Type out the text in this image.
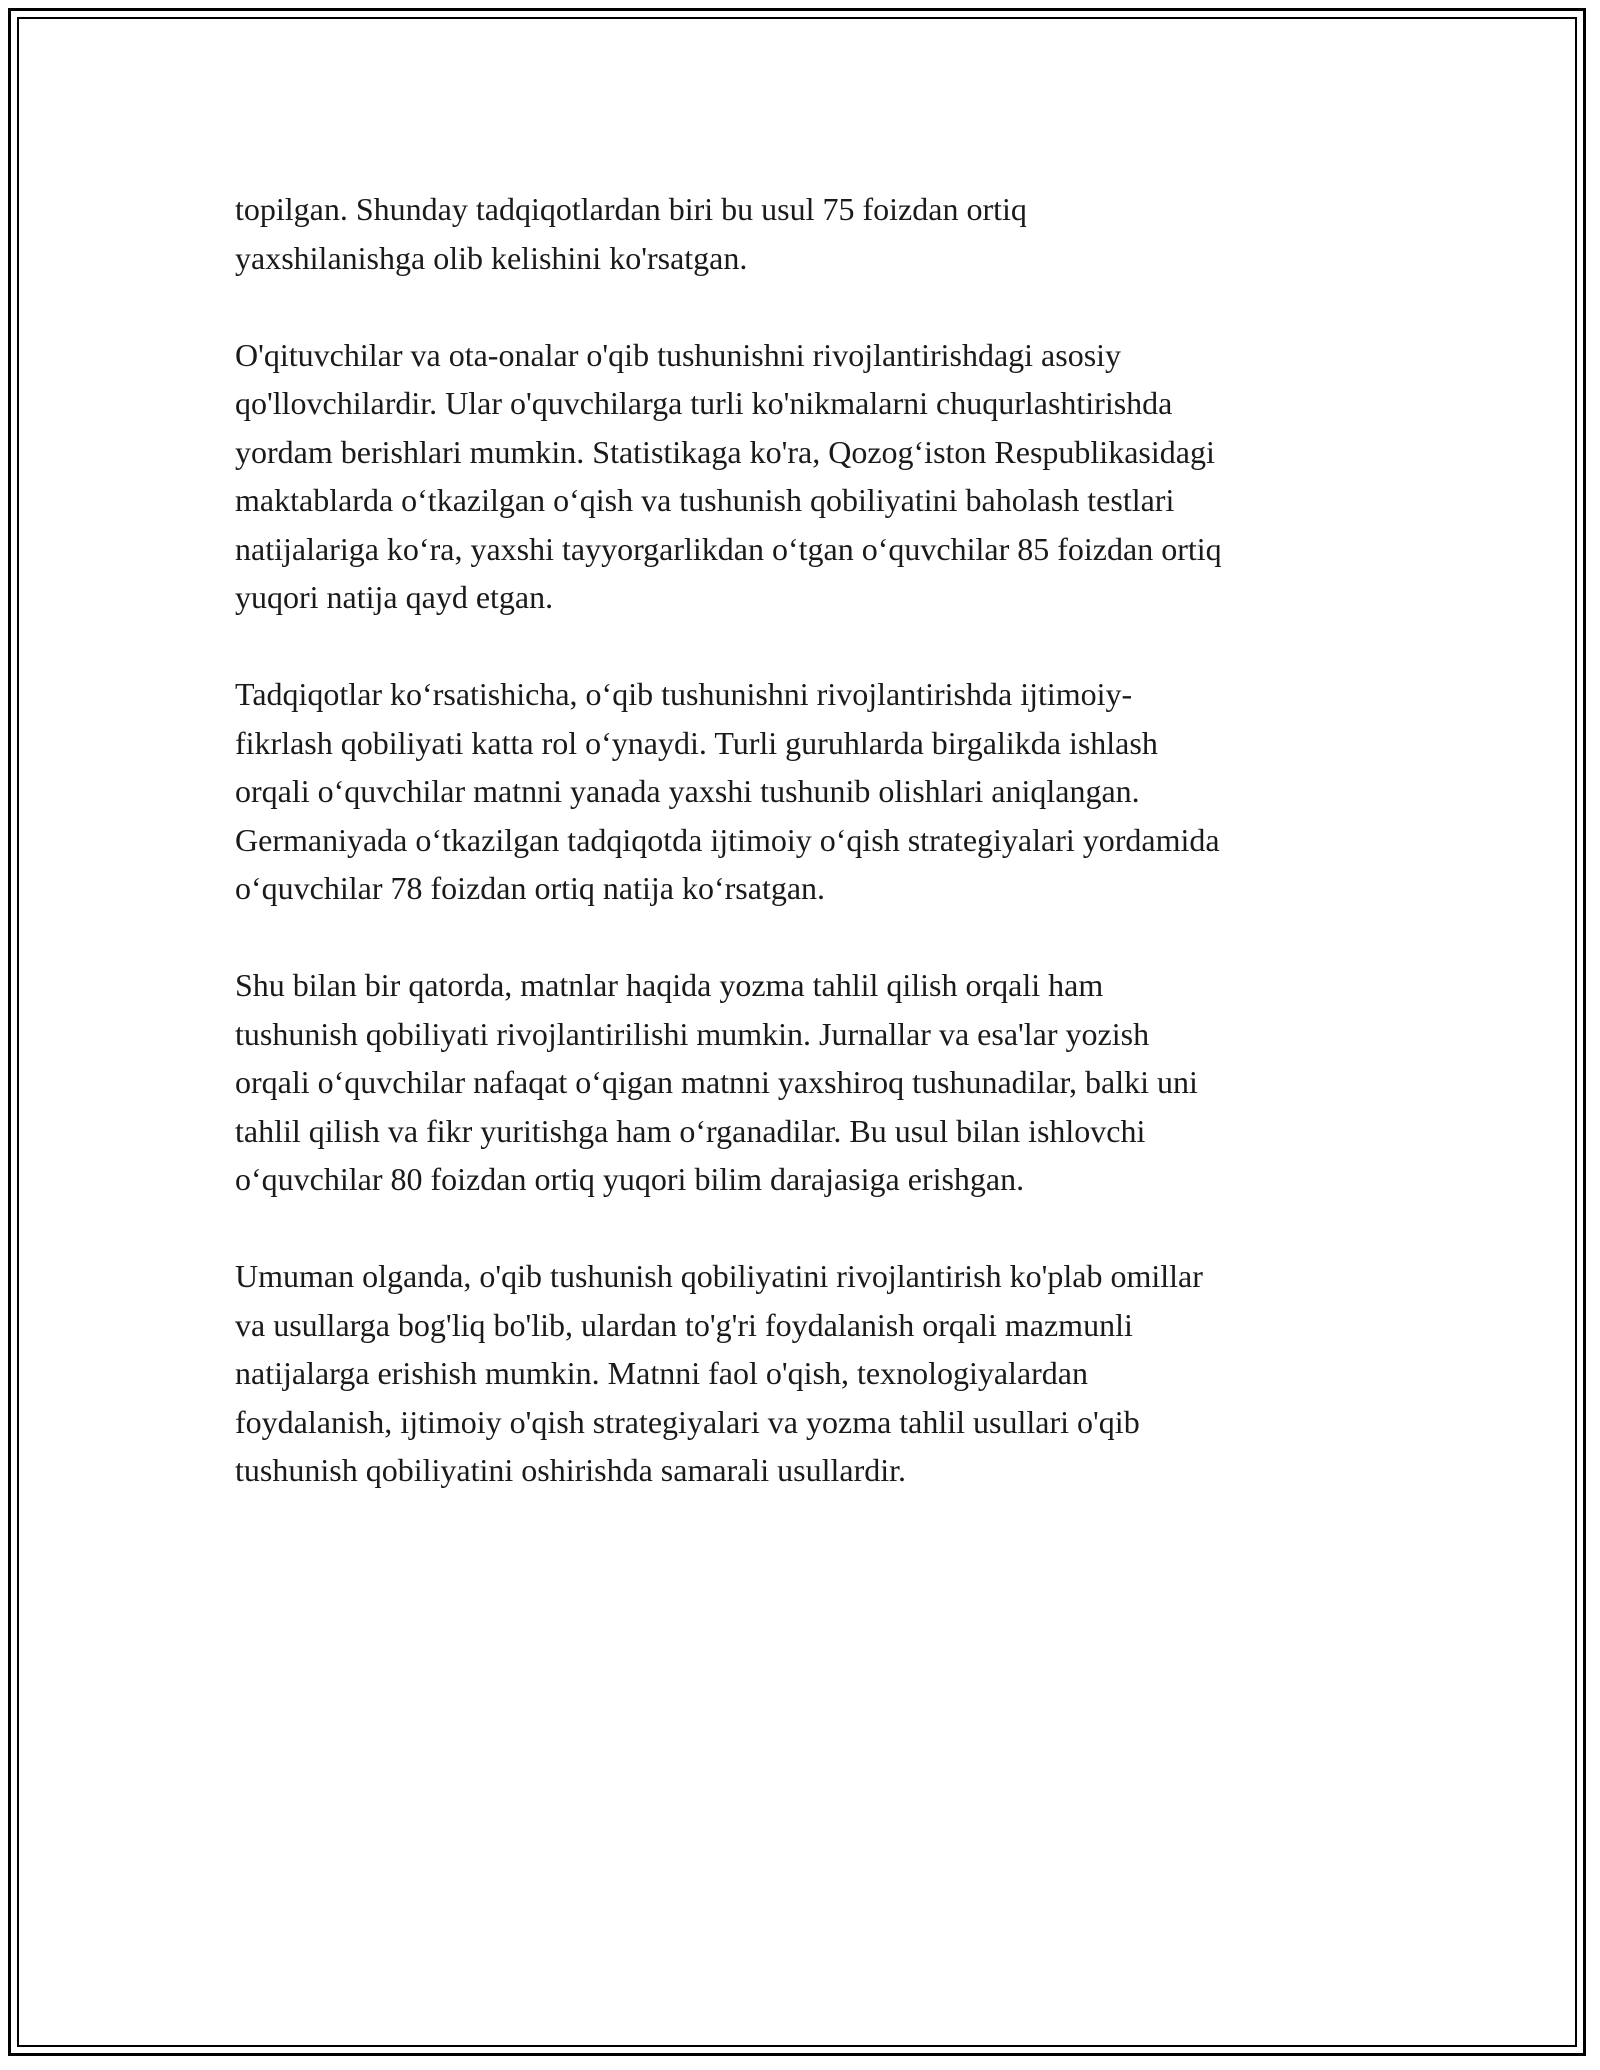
topilgan. Shunday tadqiqotlardan biri bu usul 75 foizdan ortiq
yaxshilanishga olib kelishini ko'rsatgan.

O'qituvchilar va ota-onalar o'qib tushunishni rivojlantirishdagi asosiy
qo'llovchilardir. Ular o'quvchilarga turli ko'nikmalarni chuqurlashtirishda
yordam berishlari mumkin. Statistikaga ko'ra, Qozog‘iston Respublikasidagi
maktablarda o‘tkazilgan o‘qish va tushunish qobiliyatini baholash testlari
natijalariga ko‘ra, yaxshi tayyorgarlikdan o‘tgan o‘quvchilar 85 foizdan ortiq
yuqori natija qayd etgan.

Tadqiqotlar ko‘rsatishicha, o‘qib tushunishni rivojlantirishda ijtimoiy-
fikrlash qobiliyati katta rol o‘ynaydi. Turli guruhlarda birgalikda ishlash
orqali o‘quvchilar matnni yanada yaxshi tushunib olishlari aniqlangan.
Germaniyada o‘tkazilgan tadqiqotda ijtimoiy o‘qish strategiyalari yordamida
o‘quvchilar 78 foizdan ortiq natija ko‘rsatgan.

Shu bilan bir qatorda, matnlar haqida yozma tahlil qilish orqali ham
tushunish qobiliyati rivojlantirilishi mumkin. Jurnallar va esa'lar yozish
orqali o‘quvchilar nafaqat o‘qigan matnni yaxshiroq tushunadilar, balki uni
tahlil qilish va fikr yuritishga ham o‘rganadilar. Bu usul bilan ishlovchi
o‘quvchilar 80 foizdan ortiq yuqori bilim darajasiga erishgan.

Umuman olganda, o'qib tushunish qobiliyatini rivojlantirish ko'plab omillar
va usullarga bog'liq bo'lib, ulardan to'g'ri foydalanish orqali mazmunli
natijalarga erishish mumkin. Matnni faol o'qish, texnologiyalardan
foydalanish, ijtimoiy o'qish strategiyalari va yozma tahlil usullari o'qib
tushunish qobiliyatini oshirishda samarali usullardir.
